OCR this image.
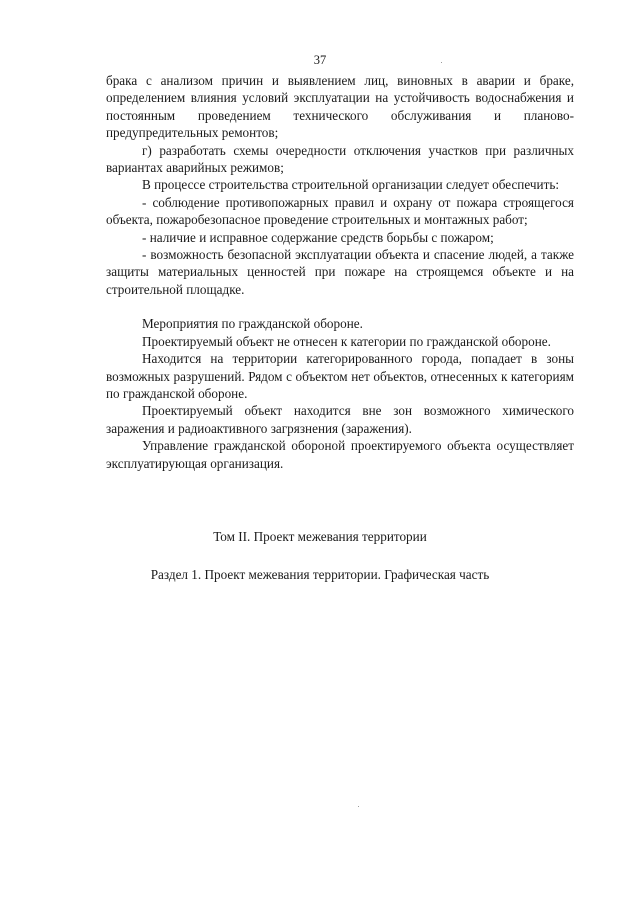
37

брака с анализом причин и выявлением лиц, виновных в аварии и браке, определением влияния условий эксплуатации на устойчивость водоснабжения и постоянным проведением технического обслуживания и планово-предупредительных ремонтов;

г) разработать схемы очередности отключения участков при различных вариантах аварийных режимов;

В процессе строительства строительной организации следует обеспечить:

- соблюдение противопожарных правил и охрану от пожара строящегося объекта, пожаробезопасное проведение строительных и монтажных работ;

- наличие и исправное содержание средств борьбы с пожаром;

- возможность безопасной эксплуатации объекта и спасение людей, а также защиты материальных ценностей при пожаре на строящемся объекте и на строительной площадке.

Мероприятия по гражданской обороне.

Проектируемый объект не отнесен к категории по гражданской обороне.

Находится на территории категорированного города, попадает в зоны возможных разрушений. Рядом с объектом нет объектов, отнесенных к категориям по гражданской обороне.

Проектируемый объект находится вне зон возможного химического заражения и радиоактивного загрязнения (заражения).

Управление гражданской обороной проектируемого объекта осуществляет эксплуатирующая организация.

Том II. Проект межевания территории
Раздел 1. Проект межевания территории. Графическая часть
